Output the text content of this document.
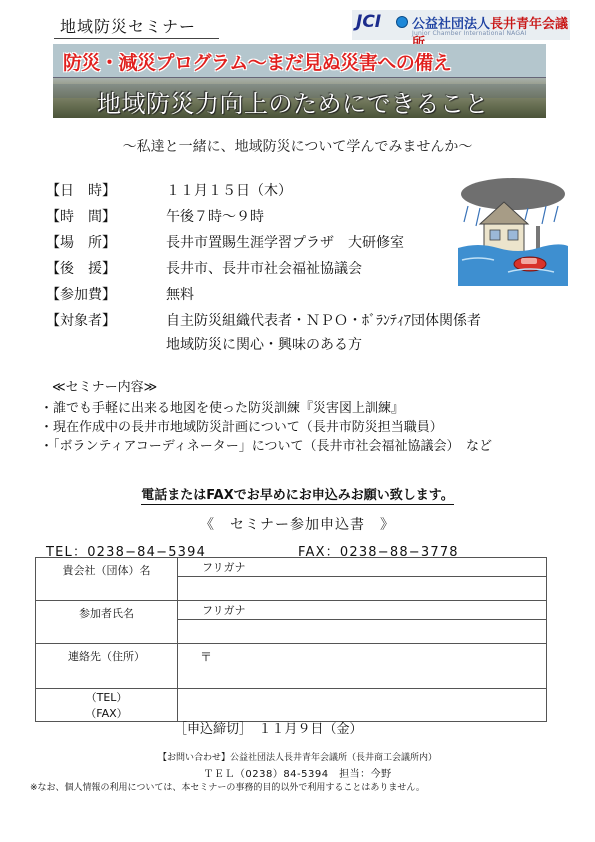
地域防災セミナー	JCI 公益社団法人長井青年会議
Junior Chamber International NAGAI
防災・減災プログラム～まだ見ぬ災害への備え
地域防災力向上のためにできること
～私達と一緒に、地域防災について学んでみませんか～
【日　時】	１１月１５日（木）
【時　間】	午後７時～９時
【場　所】	長井市置賜生涯学習プラザ　大研修室
【後　援】	長井市、長井市社会福祉協議会
【参加費】	無料
【対象者】	自主防災組織代表者・ＮＰＯ・ﾎﾞﾗﾝﾃｨｱ団体関係者
地域防災に関心・興味のある方
≪セミナー内容≫
・誰でも手軽に出来る地図を使った防災訓練『災害図上訓練』
・現在作成中の長井市地域防災計画について（長井市防災担当職員）
・「ボランティアコーディネーター」について（長井市社会福祉協議会）　など
電話またはFAXでお早めにお申込みお願い致します。
《　セミナー参加申込書　》
TEL：0238−84−5394	FAX：0238−88−3778
貴会社（団体）名	フリガナ

参加者氏名	フリガナ

連絡先（住所）	〒
（TEL）	
（FAX）	
［申込締切］　１１月９日（金）
【お問い合わせ】公益社団法人長井青年会議所（長井商工会議所内）
ＴＥＬ（0238）84-5394　担当：今野
※なお、個人情報の利用については、本セミナーの事務的目的以外で利用することはありません。
